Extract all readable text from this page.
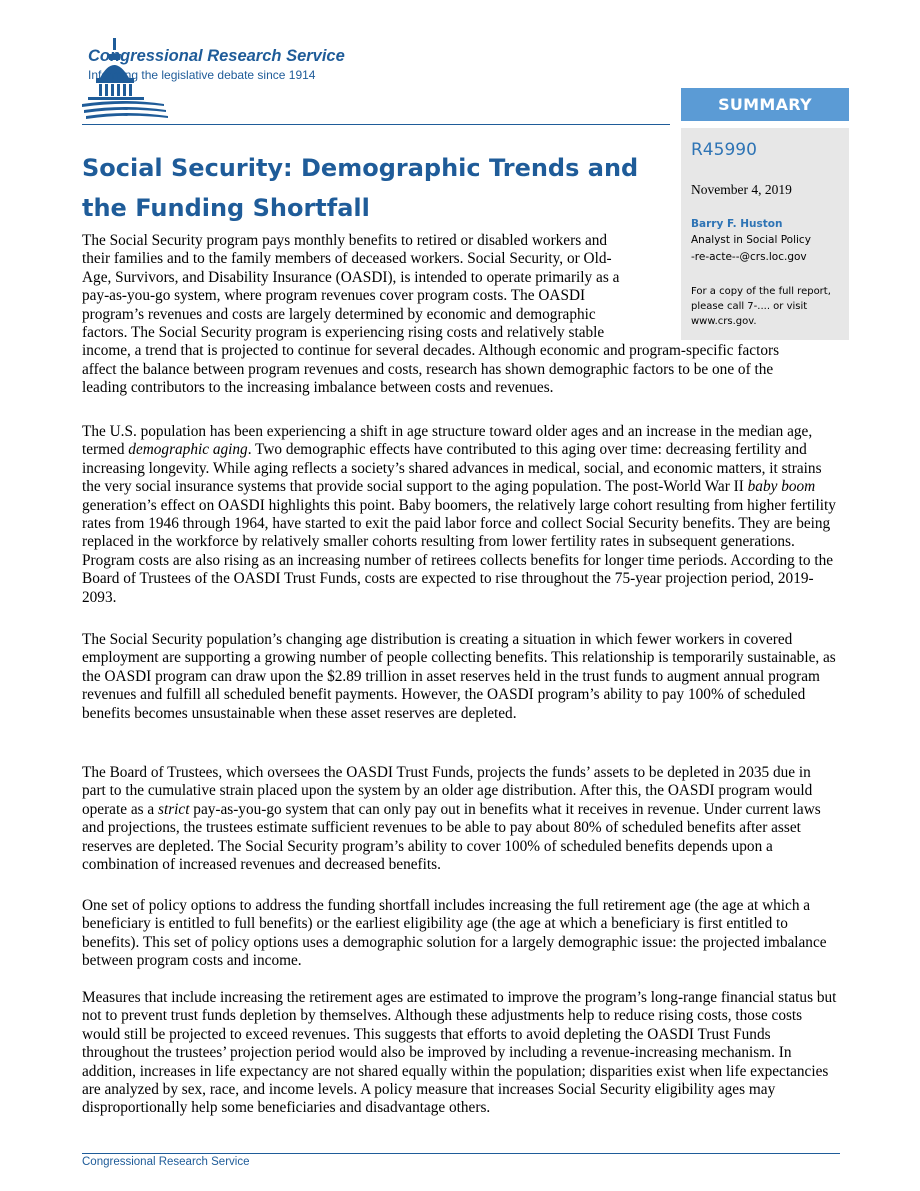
Congressional Research Service
Informing the legislative debate since 1914
SUMMARY
R45990
November 4, 2019
Barry F. Huston
Analyst in Social Policy
-re-acte--@crs.loc.gov
For a copy of the full report, please call 7-.... or visit www.crs.gov.
Social Security: Demographic Trends and the Funding Shortfall
The Social Security program pays monthly benefits to retired or disabled workers and
their families and to the family members of deceased workers. Social Security, or Old-
Age, Survivors, and Disability Insurance (OASDI), is intended to operate primarily as a
pay-as-you-go system, where program revenues cover program costs. The OASDI
program’s revenues and costs are largely determined by economic and demographic
factors. The Social Security program is experiencing rising costs and relatively stable
income, a trend that is projected to continue for several decades. Although economic and program-specific factors
affect the balance between program revenues and costs, research has shown demographic factors to be one of the
leading contributors to the increasing imbalance between costs and revenues.

The U.S. population has been experiencing a shift in age structure toward older ages and an increase in the median age, termed demographic aging. Two demographic effects have contributed to this aging over time: decreasing fertility and increasing longevity. While aging reflects a society’s shared advances in medical, social, and economic matters, it strains the very social insurance systems that provide social support to the aging population. The post-World War II baby boom generation’s effect on OASDI highlights this point. Baby boomers, the relatively large cohort resulting from higher fertility rates from 1946 through 1964, have started to exit the paid labor force and collect Social Security benefits. They are being replaced in the workforce by relatively smaller cohorts resulting from lower fertility rates in subsequent generations. Program costs are also rising as an increasing number of retirees collects benefits for longer time periods. According to the Board of Trustees of the OASDI Trust Funds, costs are expected to rise throughout the 75-year projection period, 2019-2093.

The Social Security population’s changing age distribution is creating a situation in which fewer workers in covered employment are supporting a growing number of people collecting benefits. This relationship is temporarily sustainable, as the OASDI program can draw upon the $2.89 trillion in asset reserves held in the trust funds to augment annual program revenues and fulfill all scheduled benefit payments. However, the OASDI program’s ability to pay 100% of scheduled benefits becomes unsustainable when these asset reserves are depleted.

The Board of Trustees, which oversees the OASDI Trust Funds, projects the funds’ assets to be depleted in 2035 due in part to the cumulative strain placed upon the system by an older age distribution. After this, the OASDI program would operate as a strict pay-as-you-go system that can only pay out in benefits what it receives in revenue. Under current laws and projections, the trustees estimate sufficient revenues to be able to pay about 80% of scheduled benefits after asset reserves are depleted. The Social Security program’s ability to cover 100% of scheduled benefits depends upon a combination of increased revenues and decreased benefits.

One set of policy options to address the funding shortfall includes increasing the full retirement age (the age at which a beneficiary is entitled to full benefits) or the earliest eligibility age (the age at which a beneficiary is first entitled to benefits). This set of policy options uses a demographic solution for a largely demographic issue: the projected imbalance between program costs and income.

Measures that include increasing the retirement ages are estimated to improve the program’s long-range financial status but not to prevent trust funds depletion by themselves. Although these adjustments help to reduce rising costs, those costs would still be projected to exceed revenues. This suggests that efforts to avoid depleting the OASDI Trust Funds throughout the trustees’ projection period would also be improved by including a revenue-increasing mechanism. In addition, increases in life expectancy are not shared equally within the population; disparities exist when life expectancies are analyzed by sex, race, and income levels. A policy measure that increases Social Security eligibility ages may disproportionally help some beneficiaries and disadvantage others.

Congressional Research Service
